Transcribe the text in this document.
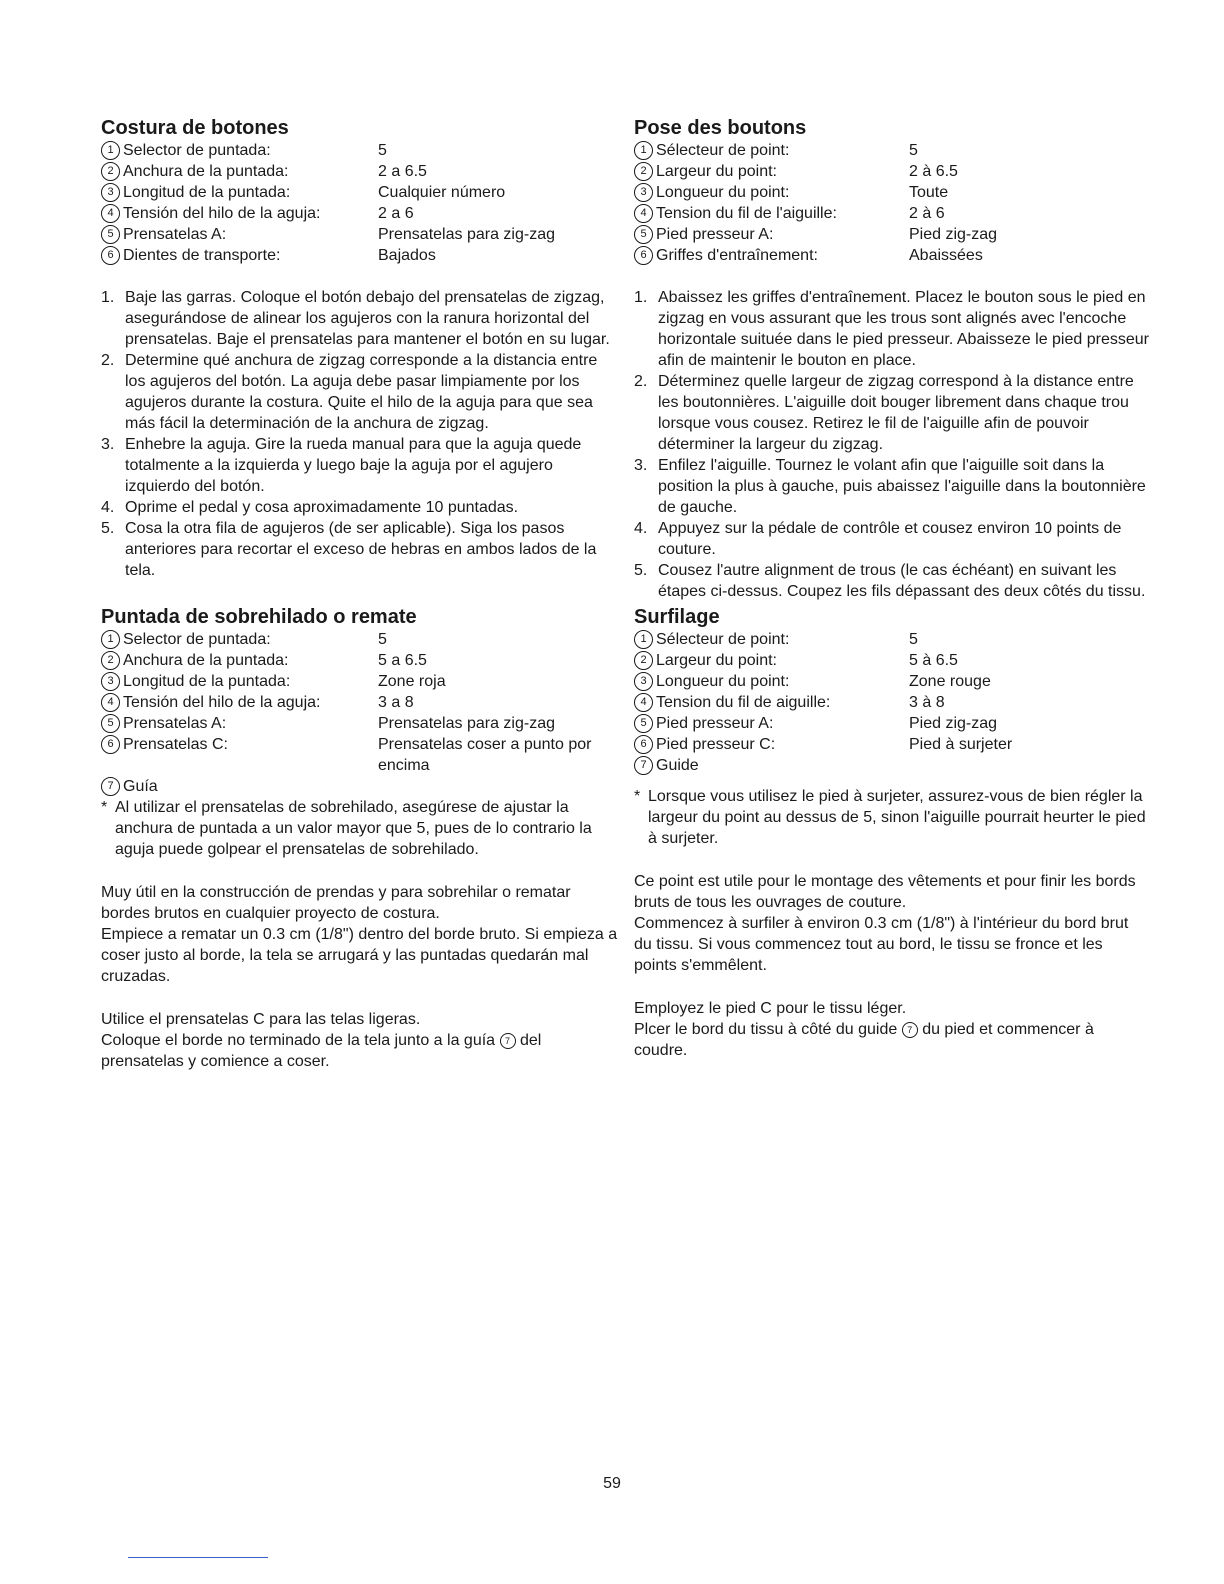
Costura de botones
1 Selector de puntada:	5
2 Anchura de la puntada:	2 a 6.5
3 Longitud de la puntada:	Cualquier número
4 Tensión del hilo de la aguja:	2 a 6
5 Prensatelas A:	Prensatelas para zig-zag
6 Dientes de transporte:	Bajados
1. Baje las garras. Coloque el botón debajo del prensatelas de zigzag, asegurándose de alinear los agujeros con la ranura horizontal del prensatelas. Baje el prensatelas para mantener el botón en su lugar.
2. Determine qué anchura de zigzag corresponde a la distancia entre los agujeros del botón. La aguja debe pasar limpiamente por los agujeros durante la costura. Quite el hilo de la aguja para que sea más fácil la determinación de la anchura de zigzag.
3. Enhebre la aguja. Gire la rueda manual para que la aguja quede totalmente a la izquierda y luego baje la aguja por el agujero izquierdo del botón.
4. Oprime el pedal y cosa aproximadamente 10 puntadas.
5. Cosa la otra fila de agujeros (de ser aplicable). Siga los pasos anteriores para recortar el exceso de hebras en ambos lados de la tela.
Puntada de sobrehilado o remate
1 Selector de puntada:	5
2 Anchura de la puntada:	5 a 6.5
3 Longitud de la puntada:	Zone roja
4 Tensión del hilo de la aguja:	3 a 8
5 Prensatelas A:	Prensatelas para zig-zag
6 Prensatelas C:	Prensatelas coser a punto por encima
7 Guía
* Al utilizar el prensatelas de sobrehilado, asegúrese de ajustar la anchura de puntada a un valor mayor que 5, pues de lo contrario la aguja puede golpear el prensatelas de sobrehilado.

Muy útil en la construcción de prendas y para sobrehilar o rematar bordes brutos en cualquier proyecto de costura.

Empiece a rematar un 0.3 cm (1/8") dentro del borde bruto. Si empieza a coser justo al borde, la tela se arrugará y las puntadas quedarán mal cruzadas.

Utilice el prensatelas C para las telas ligeras.

Coloque el borde no terminado de la tela junto a la guía 7 del prensatelas y comience a coser.

Pose des boutons
1 Sélecteur de point:	5
2 Largeur du point:	2 à 6.5
3 Longueur du point:	Toute
4 Tension du fil de l'aiguille:	2 à 6
5 Pied presseur A:	Pied zig-zag
6 Griffes d'entraînement:	Abaissées
1. Abaissez les griffes d'entraînement. Placez le bouton sous le pied en zigzag en vous assurant que les trous sont alignés avec l'encoche horizontale suituée dans le pied presseur. Abaisseze le pied presseur afin de maintenir le bouton en place.
2. Déterminez quelle largeur de zigzag correspond à la distance entre les boutonnières. L'aiguille doit bouger librement dans chaque trou lorsque vous cousez. Retirez le fil de l'aiguille afin de pouvoir déterminer la largeur du zigzag.
3. Enfilez l'aiguille. Tournez le volant afin que l'aiguille soit dans la position la plus à gauche, puis abaissez l'aiguille dans la boutonnière de gauche.
4. Appuyez sur la pédale de contrôle et cousez environ 10 points de couture.
5. Cousez l'autre alignment de trous (le cas échéant) en suivant les étapes ci-dessus. Coupez les fils dépassant des deux côtés du tissu.
Surfilage
1 Sélecteur de point:	5
2 Largeur du point:	5 à 6.5
3 Longueur du point:	Zone rouge
4 Tension du fil de aiguille:	3 à 8
5 Pied presseur A:	Pied zig-zag
6 Pied presseur C:	Pied à surjeter
7 Guide
* Lorsque vous utilisez le pied à surjeter, assurez-vous de bien régler la largeur du point au dessus de 5, sinon l'aiguille pourrait heurter le pied à surjeter.

Ce point est utile pour le montage des vêtements et pour finir les bords bruts de tous les ouvrages de couture.

Commencez à surfiler à environ 0.3 cm (1/8") à l'intérieur du bord brut du tissu. Si vous commencez tout au bord, le tissu se fronce et les points s'emmêlent.

Employez le pied C pour le tissu léger.

Plcer le bord du tissu à côté du guide 7 du pied et commencer à coudre.

59
